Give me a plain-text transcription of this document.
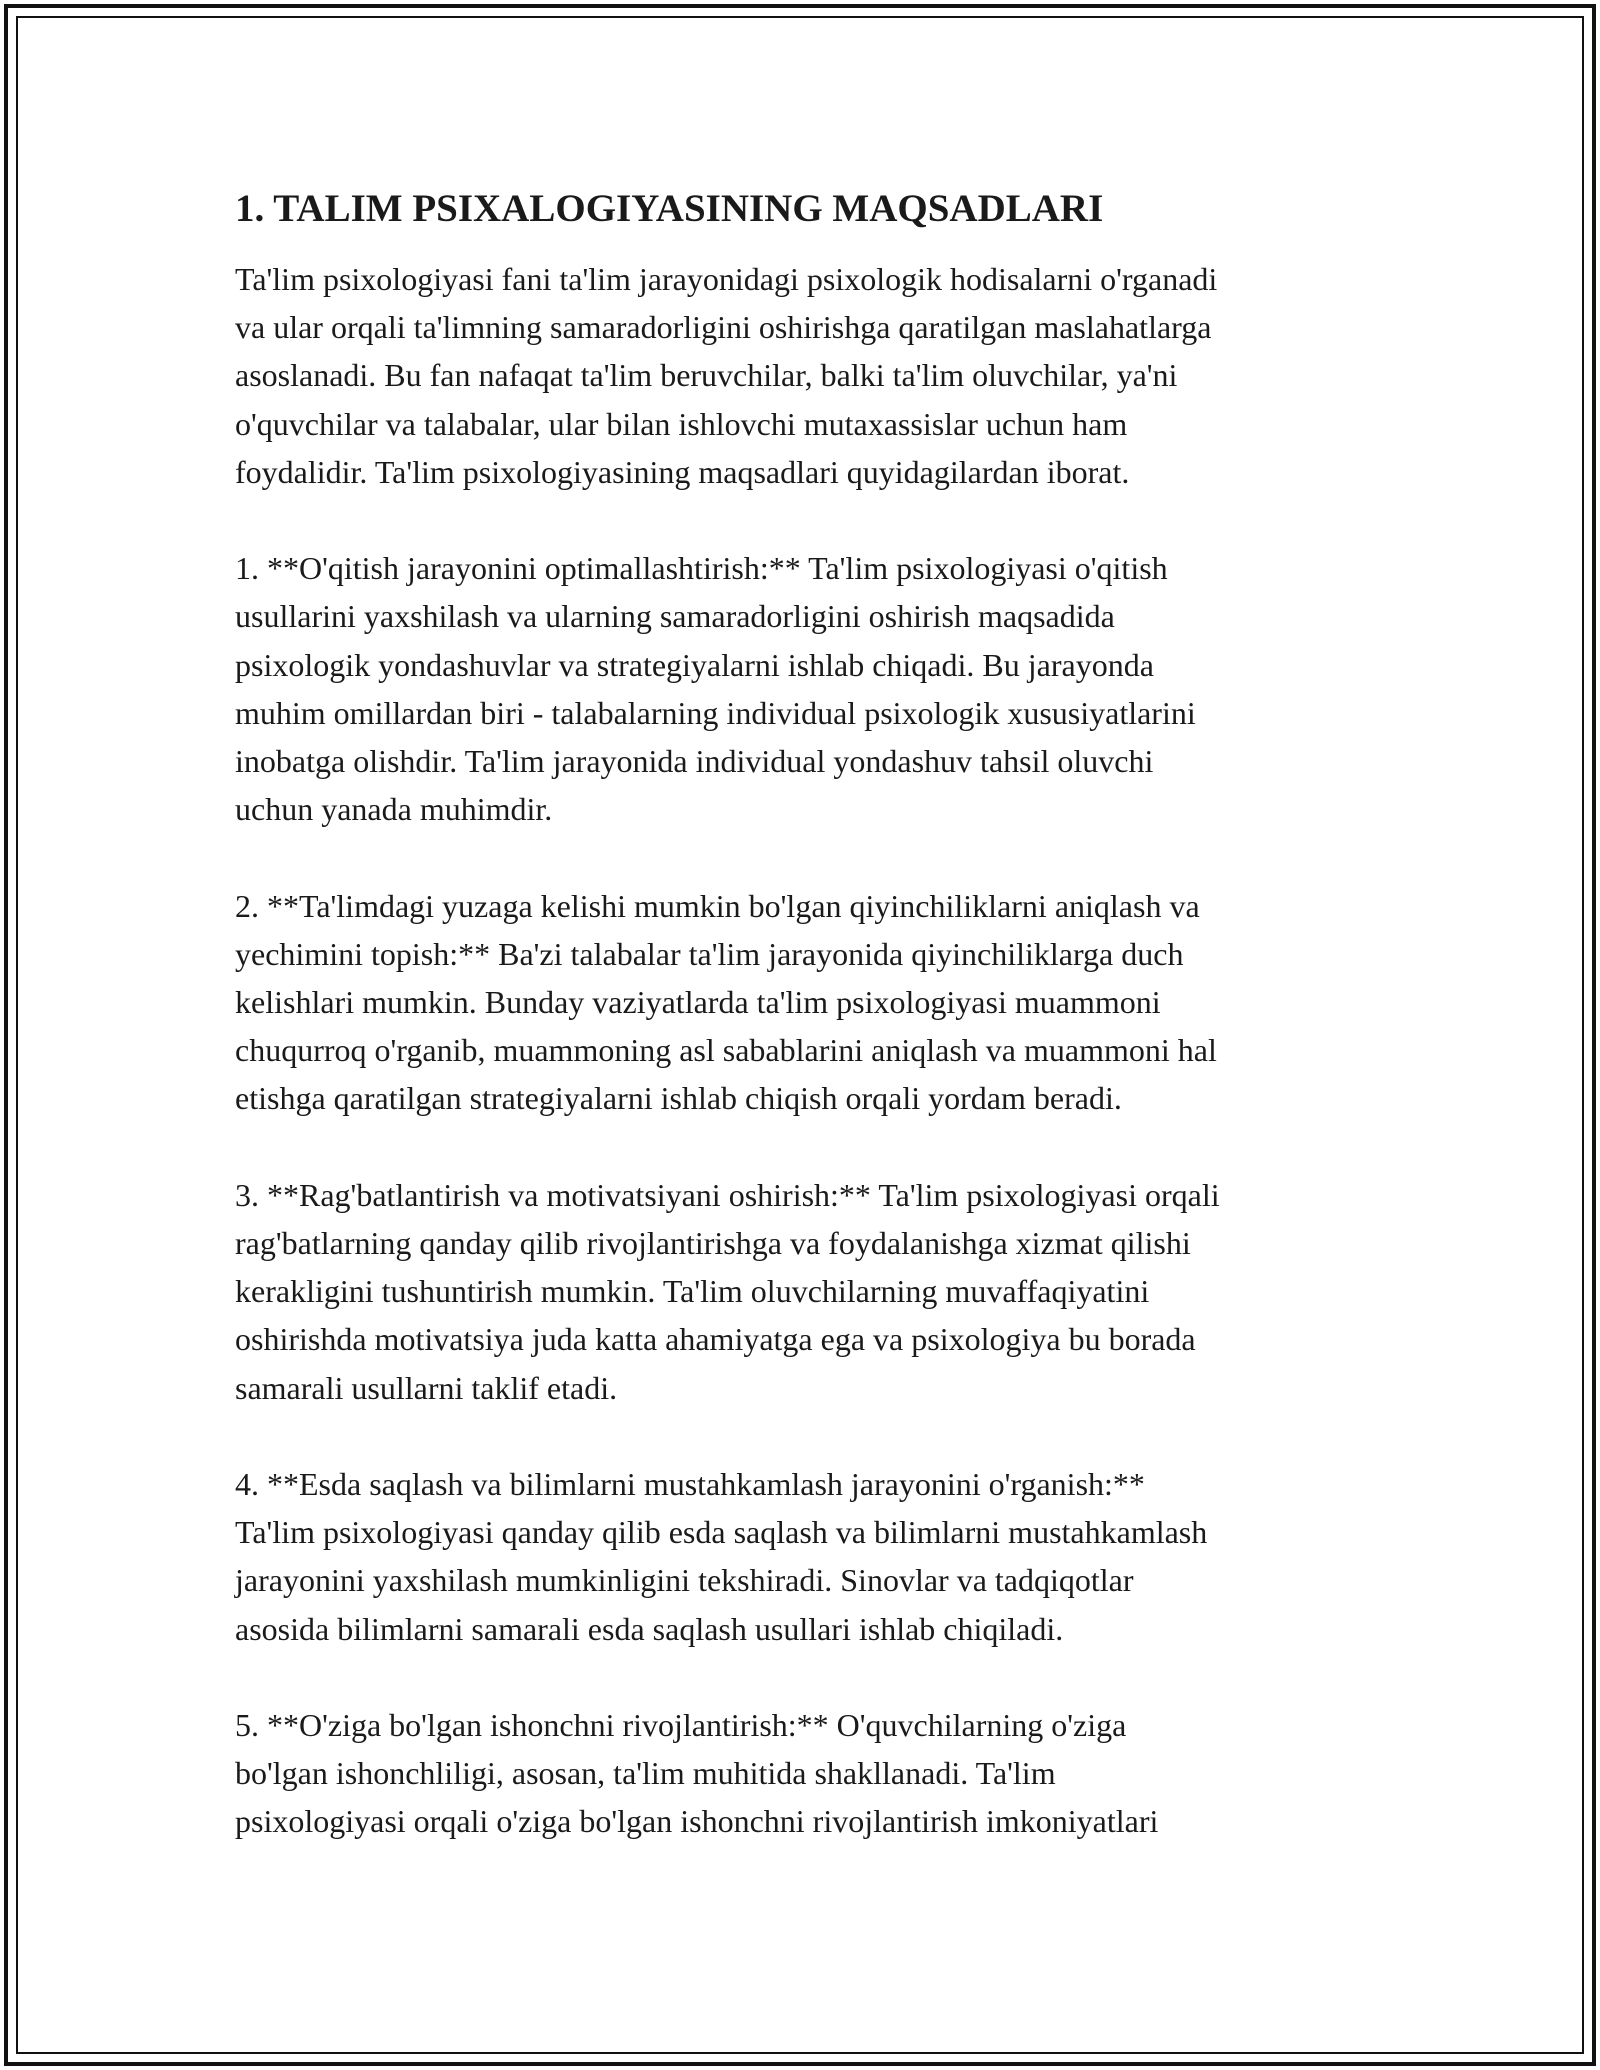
1. TALIM PSIXALOGIYASINING MAQSADLARI

Ta'lim psixologiyasi fani ta'lim jarayonidagi psixologik hodisalarni o'rganadi
va ular orqali ta'limning samaradorligini oshirishga qaratilgan maslahatlarga
asoslanadi. Bu fan nafaqat ta'lim beruvchilar, balki ta'lim oluvchilar, ya'ni
o'quvchilar va talabalar, ular bilan ishlovchi mutaxassislar uchun ham
foydalidir. Ta'lim psixologiyasining maqsadlari quyidagilardan iborat.

1. **O'qitish jarayonini optimallashtirish:** Ta'lim psixologiyasi o'qitish
usullarini yaxshilash va ularning samaradorligini oshirish maqsadida
psixologik yondashuvlar va strategiyalarni ishlab chiqadi. Bu jarayonda
muhim omillardan biri - talabalarning individual psixologik xususiyatlarini
inobatga olishdir. Ta'lim jarayonida individual yondashuv tahsil oluvchi
uchun yanada muhimdir.

2. **Ta'limdagi yuzaga kelishi mumkin bo'lgan qiyinchiliklarni aniqlash va
yechimini topish:** Ba'zi talabalar ta'lim jarayonida qiyinchiliklarga duch
kelishlari mumkin. Bunday vaziyatlarda ta'lim psixologiyasi muammoni
chuqurroq o'rganib, muammoning asl sabablarini aniqlash va muammoni hal
etishga qaratilgan strategiyalarni ishlab chiqish orqali yordam beradi.

3. **Rag'batlantirish va motivatsiyani oshirish:** Ta'lim psixologiyasi orqali
rag'batlarning qanday qilib rivojlantirishga va foydalanishga xizmat qilishi
kerakligini tushuntirish mumkin. Ta'lim oluvchilarning muvaffaqiyatini
oshirishda motivatsiya juda katta ahamiyatga ega va psixologiya bu borada
samarali usullarni taklif etadi.

4. **Esda saqlash va bilimlarni mustahkamlash jarayonini o'rganish:**
Ta'lim psixologiyasi qanday qilib esda saqlash va bilimlarni mustahkamlash
jarayonini yaxshilash mumkinligini tekshiradi. Sinovlar va tadqiqotlar
asosida bilimlarni samarali esda saqlash usullari ishlab chiqiladi.

5. **O'ziga bo'lgan ishonchni rivojlantirish:** O'quvchilarning o'ziga
bo'lgan ishonchliligi, asosan, ta'lim muhitida shakllanadi. Ta'lim
psixologiyasi orqali o'ziga bo'lgan ishonchni rivojlantirish imkoniyatlari
